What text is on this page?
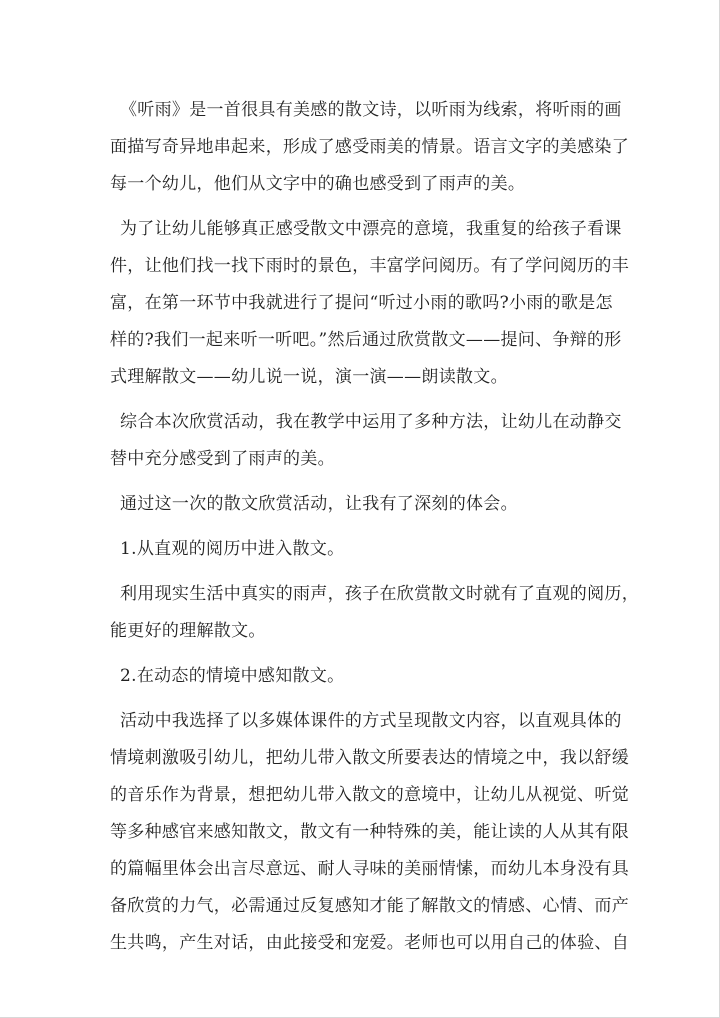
《听雨》是一首很具有美感的散文诗，以听雨为线索，将听雨的画
面描写奇异地串起来，形成了感受雨美的情景。语言文字的美感染了
每一个幼儿，他们从文字中的确也感受到了雨声的美。
为了让幼儿能够真正感受散文中漂亮的意境，我重复的给孩子看课
件，让他们找一找下雨时的景色，丰富学问阅历。有了学问阅历的丰
富，在第一环节中我就进行了提问“听过小雨的歌吗?小雨的歌是怎
样的?我们一起来听一听吧。”然后通过欣赏散文——提问、争辩的形
式理解散文——幼儿说一说，演一演——朗读散文。
综合本次欣赏活动，我在教学中运用了多种方法，让幼儿在动静交
替中充分感受到了雨声的美。
通过这一次的散文欣赏活动，让我有了深刻的体会。
1.从直观的阅历中进入散文。
利用现实生活中真实的雨声，孩子在欣赏散文时就有了直观的阅历，
能更好的理解散文。
2.在动态的情境中感知散文。
活动中我选择了以多媒体课件的方式呈现散文内容，以直观具体的
情境刺激吸引幼儿，把幼儿带入散文所要表达的情境之中，我以舒缓
的音乐作为背景，想把幼儿带入散文的意境中，让幼儿从视觉、听觉
等多种感官来感知散文，散文有一种特殊的美，能让读的人从其有限
的篇幅里体会出言尽意远、耐人寻味的美丽情愫，而幼儿本身没有具
备欣赏的力气，必需通过反复感知才能了解散文的情感、心情、而产
生共鸣，产生对话，由此接受和宠爱。老师也可以用自己的体验、自
